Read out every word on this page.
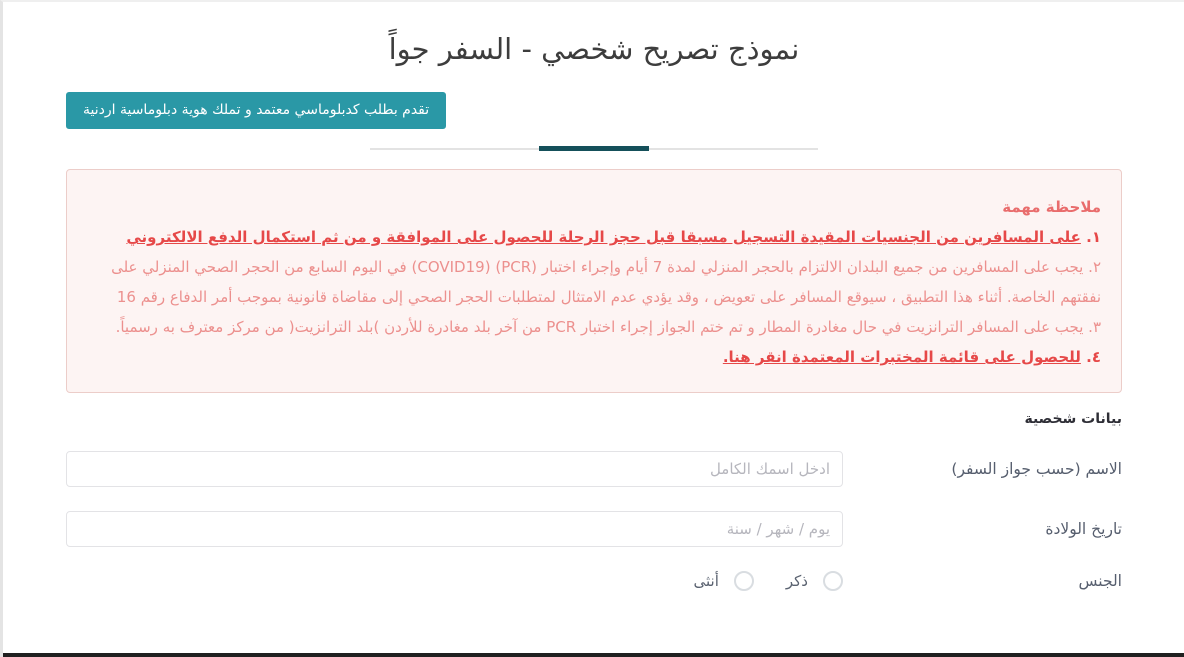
نموذج تصريح شخصي - السفر جواً
تقدم بطلب كدبلوماسي معتمد و تملك هوية دبلوماسية اردنية

ملاحظة مهمة

١. على المسافرين من الجنسيات المقيدة التسجيل مسبقا قبل حجز الرحلة للحصول على الموافقة و من ثم استكمال الدفع الالكتروني

٢. يجب على المسافرين من جميع البلدان الالتزام بالحجر المنزلي لمدة 7 أيام وإجراء اختبار (PCR) (COVID19) في اليوم السابع من الحجر الصحي المنزلي على نفقتهم الخاصة. أثناء هذا التطبيق ، سيوقع المسافر على تعويض ، وقد يؤدي عدم الامتثال لمتطلبات الحجر الصحي إلى مقاضاة قانونية بموجب أمر الدفاع رقم 16

٣. يجب على المسافر الترانزيت في حال مغادرة المطار و تم ختم الجواز إجراء اختبار PCR من آخر بلد مغادرة للأردن )بلد الترانزيت( من مركز معترف به رسمياً.

٤. للحصول على قائمة المختبرات المعتمدة انقر هنا.

بيانات شخصية

الاسم (حسب جواز السفر)
ادخل اسمك الكامل
تاريخ الولادة
يوم / شهر / سنة
الجنس
ذكر
أنثى
